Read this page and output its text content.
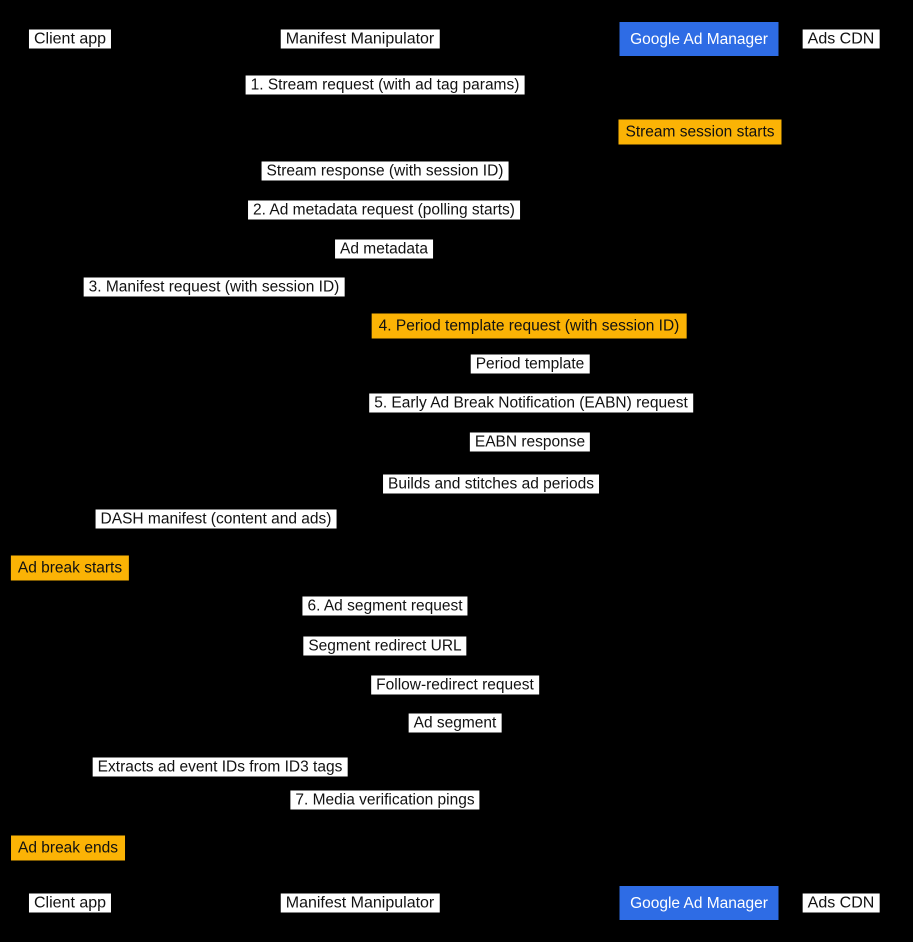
1. Stream request (with ad tag params)
Stream session starts
Stream response (with session ID)
2. Ad metadata request (polling starts)
Ad metadata
3. Manifest request (with session ID)
4. Period template request (with session ID)
Period template
5. Early Ad Break Notification (EABN) request
EABN response
Builds and stitches ad periods
DASH manifest (content and ads)
Ad break starts
6. Ad segment request
Segment redirect URL
Follow-redirect request
Ad segment
Extracts ad event IDs from ID3 tags
7. Media verification pings
Ad break ends
Client app	Manifest Manipulator	Google Ad Manager	Ads CDN
Client app	Manifest Manipulator	Google Ad Manager	Ads CDN
